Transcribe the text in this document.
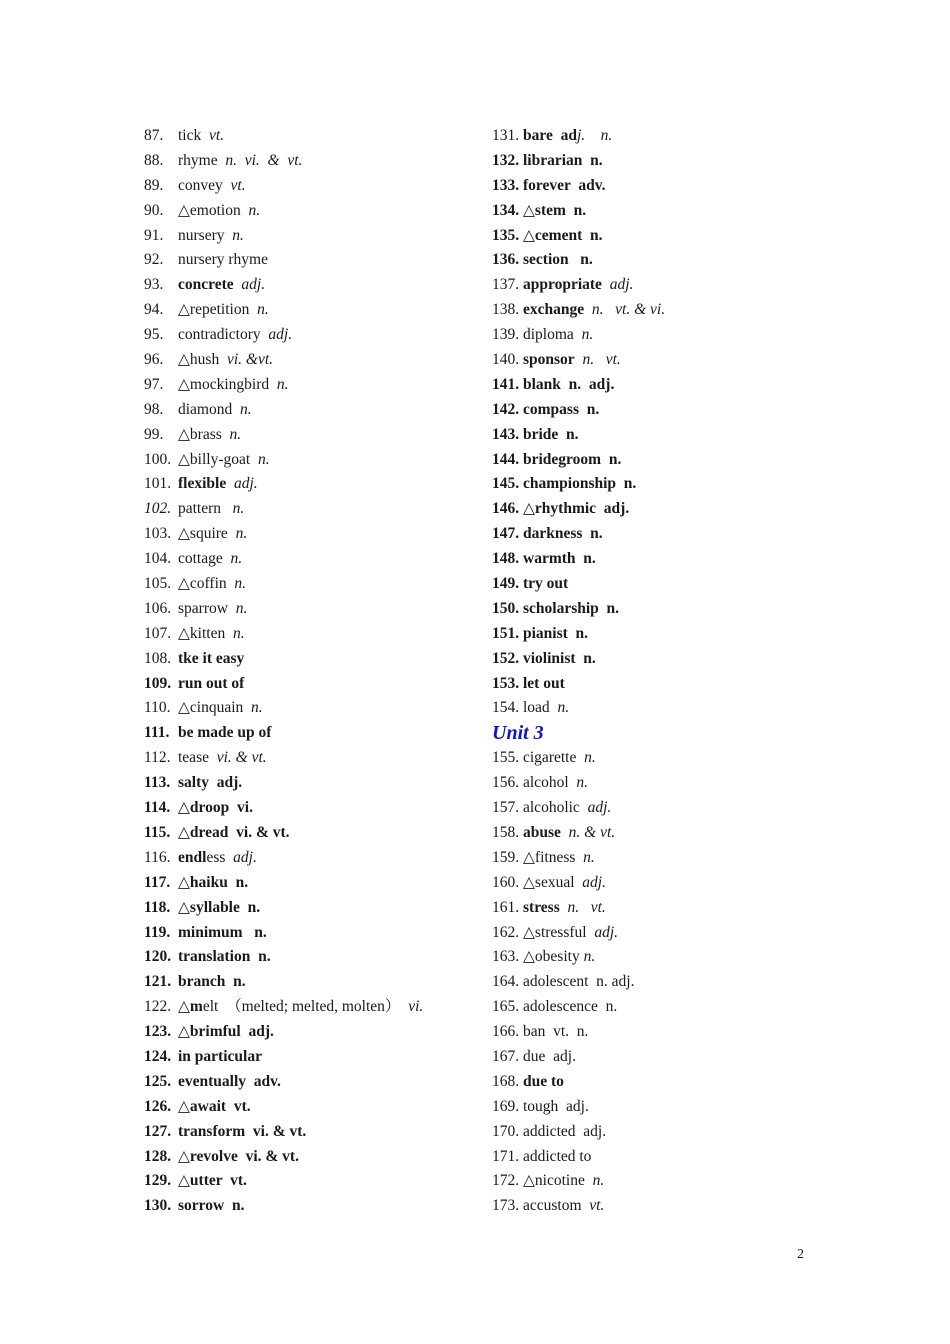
87. tick  vt.
88. rhyme  n.  vi.  &  vt.
89. convey  vt.
90. △emotion  n.
91. nursery  n.
92. nursery rhyme
93. concrete adj.
94. △repetition  n.
95. contradictory  adj.
96. △hush  vi. &vt.
97. △mockingbird  n.
98. diamond  n.
99. △brass  n.
100. △billy-goat  n.
101. flexible adj.
102. pattern   n.
103. △squire  n.
104. cottage  n.
105. △coffin  n.
106. sparrow  n.
107. △kitten  n.
108. tke it easy
109. run out of
110. △cinquain  n.
111. be made up of
112. tease  vi. & vt.
113. salty  adj.
114. △droop  vi.
115. △dread  vi. & vt.
116. endless  adj.
117. △haiku  n.
118. △syllable  n.
119. minimum   n.
120. translation  n.
121. branch  n.
122. △melt  （melted; melted, molten）  vi.
123. △brimful  adj.
124. in particular
125. eventually  adv.
126. △await  vt.
127. transform  vi. & vt.
128. △revolve  vi. & vt.
129. △utter  vt.
130. sorrow  n.
131. bare  adj.    n.
132. librarian  n.
133. forever  adv.
134. △stem  n.
135. △cement  n.
136. section   n.
137. appropriate adj.
138. exchange n.   vt. & vi.
139. diploma  n.
140. sponsor n.   vt.
141. blank  n.  adj.
142. compass  n.
143. bride  n.
144. bridegroom  n.
145. championship  n.
146. △rhythmic  adj.
147. darkness  n.
148. warmth  n.
149. try out
150. scholarship  n.
151. pianist  n.
152. violinist  n.
153. let out
154. load  n.
Unit 3
155. cigarette  n.
156. alcohol  n.
157. alcoholic  adj.
158. abuse n. & vt.
159. △fitness  n.
160. △sexual  adj.
161. stress n.   vt.
162. △stressful  adj.
163. △obesity n.
164. adolescent  n. adj.
165. adolescence  n.
166. ban  vt.  n.
167. due  adj.
168. due to
169. tough  adj.
170. addicted  adj.
171. addicted to
172. △nicotine  n.
173. accustom  vt.
2
